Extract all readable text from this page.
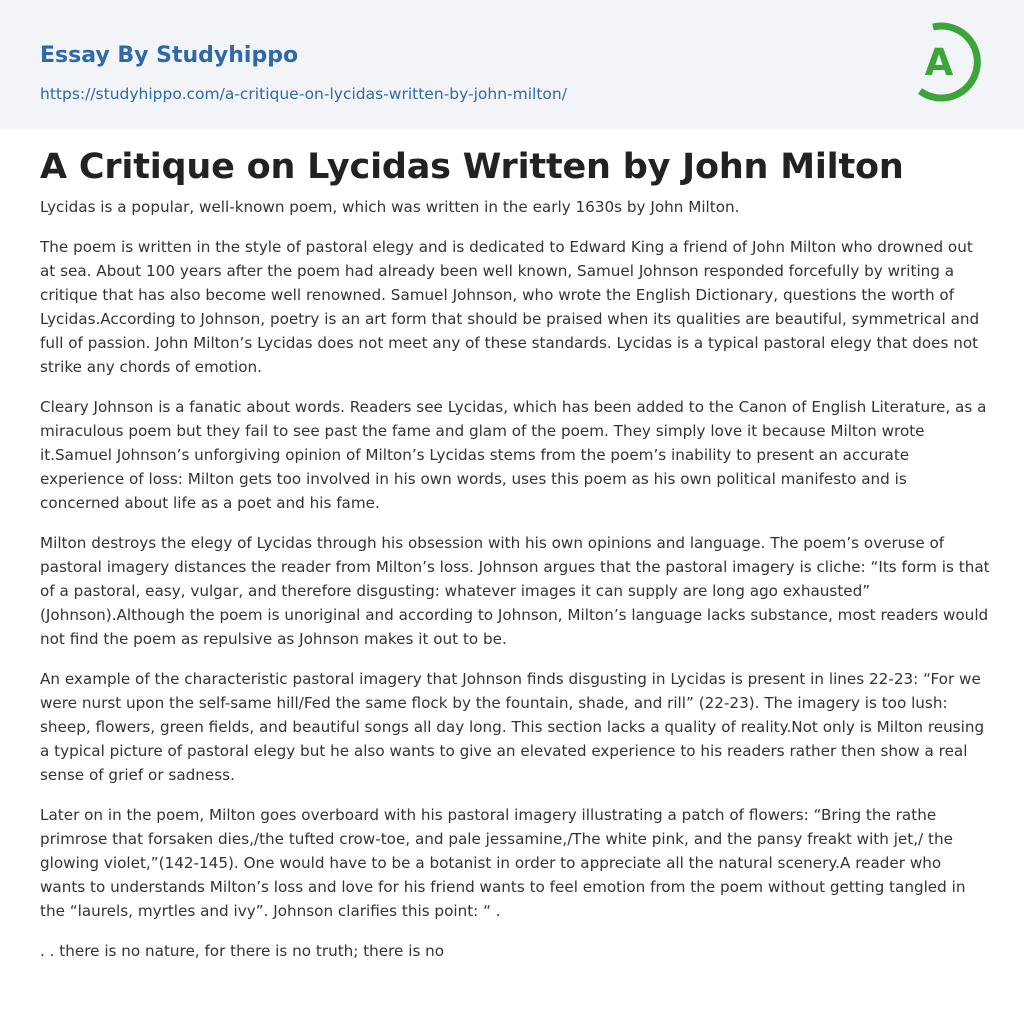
Essay By Studyhippo
https://studyhippo.com/a-critique-on-lycidas-written-by-john-milton/
A
A Critique on Lycidas Written by John Milton

Lycidas is a popular, well-known poem, which was written in the early 1630s by John Milton.

The poem is written in the style of pastoral elegy and is dedicated to Edward King a friend of John Milton who drowned out at sea. About 100 years after the poem had already been well known, Samuel Johnson responded forcefully by writing a critique that has also become well renowned. Samuel Johnson, who wrote the English Dictionary, questions the worth of Lycidas.According to Johnson, poetry is an art form that should be praised when its qualities are beautiful, symmetrical and full of passion. John Milton’s Lycidas does not meet any of these standards. Lycidas is a typical pastoral elegy that does not strike any chords of emotion.

Cleary Johnson is a fanatic about words. Readers see Lycidas, which has been added to the Canon of English Literature, as a miraculous poem but they fail to see past the fame and glam of the poem. They simply love it because Milton wrote it.Samuel Johnson’s unforgiving opinion of Milton’s Lycidas stems from the poem’s inability to present an accurate experience of loss: Milton gets too involved in his own words, uses this poem as his own political manifesto and is concerned about life as a poet and his fame.

Milton destroys the elegy of Lycidas through his obsession with his own opinions and language. The poem’s overuse of pastoral imagery distances the reader from Milton’s loss. Johnson argues that the pastoral imagery is cliche: “Its form is that of a pastoral, easy, vulgar, and therefore disgusting: whatever images it can supply are long ago exhausted” (Johnson).Although the poem is unoriginal and according to Johnson, Milton’s language lacks substance, most readers would not find the poem as repulsive as Johnson makes it out to be.

An example of the characteristic pastoral imagery that Johnson finds disgusting in Lycidas is present in lines 22-23: “For we were nurst upon the self-same hill/Fed the same flock by the fountain, shade, and rill” (22-23). The imagery is too lush: sheep, flowers, green fields, and beautiful songs all day long. This section lacks a quality of reality.Not only is Milton reusing a typical picture of pastoral elegy but he also wants to give an elevated experience to his readers rather then show a real sense of grief or sadness.

Later on in the poem, Milton goes overboard with his pastoral imagery illustrating a patch of flowers: “Bring the rathe primrose that forsaken dies,/the tufted crow-toe, and pale jessamine,/The white pink, and the pansy freakt with jet,/ the glowing violet,”(142-145). One would have to be a botanist in order to appreciate all the natural scenery.A reader who wants to understands Milton’s loss and love for his friend wants to feel emotion from the poem without getting tangled in the “laurels, myrtles and ivy”. Johnson clarifies this point: “ .

. . there is no nature, for there is no truth; there is no
